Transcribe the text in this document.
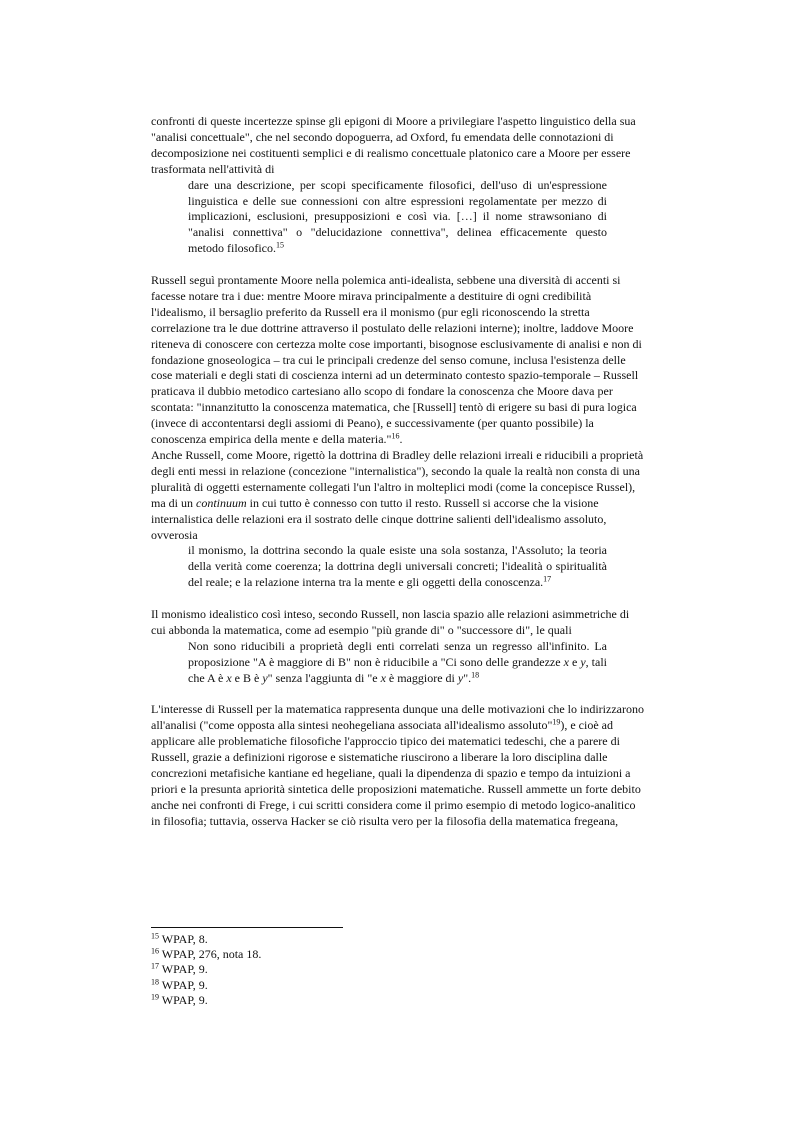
confronti di queste incertezze spinse gli epigoni di Moore a privilegiare l'aspetto linguistico della sua "analisi concettuale", che nel secondo dopoguerra, ad Oxford, fu emendata delle connotazioni di decomposizione nei costituenti semplici e di realismo concettuale platonico care a Moore per essere trasformata nell'attività di

dare una descrizione, per scopi specificamente filosofici, dell'uso di un'espressione linguistica e delle sue connessioni con altre espressioni regolamentate per mezzo di implicazioni, esclusioni, presupposizioni e così via. […] il nome strawsoniano di "analisi connettiva" o "delucidazione connettiva", delinea efficacemente questo metodo filosofico.$^{15}$

Russell seguì prontamente Moore nella polemica anti-idealista, sebbene una diversità di accenti si facesse notare tra i due: mentre Moore mirava principalmente a destituire di ogni credibilità l'idealismo, il bersaglio preferito da Russell era il monismo (pur egli riconoscendo la stretta correlazione tra le due dottrine attraverso il postulato delle relazioni interne); inoltre, laddove Moore riteneva di conoscere con certezza molte cose importanti, bisognose esclusivamente di analisi e non di fondazione gnoseologica – tra cui le principali credenze del senso comune, inclusa l'esistenza delle cose materiali e degli stati di coscienza interni ad un determinato contesto spazio-temporale – Russell praticava il dubbio metodico cartesiano allo scopo di fondare la conoscenza che Moore dava per scontata: "innanzitutto la conoscenza matematica, che [Russell] tentò di erigere su basi di pura logica (invece di accontentarsi degli assiomi di Peano), e successivamente (per quanto possibile) la conoscenza empirica della mente e della materia."$^{16}$.

Anche Russell, come Moore, rigettò la dottrina di Bradley delle relazioni irreali e riducibili a proprietà degli enti messi in relazione (concezione "internalistica"), secondo la quale la realtà non consta di una pluralità di oggetti esternamente collegati l'un l'altro in molteplici modi (come la concepisce Russel), ma di un continuum in cui tutto è connesso con tutto il resto. Russell si accorse che la visione internalistica delle relazioni era il sostrato delle cinque dottrine salienti dell'idealismo assoluto, ovverosia

il monismo, la dottrina secondo la quale esiste una sola sostanza, l'Assoluto; la teoria della verità come coerenza; la dottrina degli universali concreti; l'idealità o spiritualità del reale; e la relazione interna tra la mente e gli oggetti della conoscenza.$^{17}$

Il monismo idealistico così inteso, secondo Russell, non lascia spazio alle relazioni asimmetriche di cui abbonda la matematica, come ad esempio "più grande di" o "successore di", le quali

Non sono riducibili a proprietà degli enti correlati senza un regresso all'infinito. La proposizione "A è maggiore di B" non è riducibile a "Ci sono delle grandezze x e y, tali che A è x e B è y" senza l'aggiunta di "e x è maggiore di y".$^{18}$

L'interesse di Russell per la matematica rappresenta dunque una delle motivazioni che lo indirizzarono all'analisi ("come opposta alla sintesi neohegeliana associata all'idealismo assoluto"$^{19}$), e cioè ad applicare alle problematiche filosofiche l'approccio tipico dei matematici tedeschi, che a parere di Russell, grazie a definizioni rigorose e sistematiche riuscirono a liberare la loro disciplina dalle concrezioni metafisiche kantiane ed hegeliane, quali la dipendenza di spazio e tempo da intuizioni a priori e la presunta apriorità sintetica delle proposizioni matematiche. Russell ammette un forte debito anche nei confronti di Frege, i cui scritti considera come il primo esempio di metodo logico-analitico in filosofia; tuttavia, osserva Hacker se ciò risulta vero per la filosofia della matematica fregeana,

$^{15}$ WPAP, 8.
$^{16}$ WPAP, 276, nota 18.
$^{17}$ WPAP, 9.
$^{18}$ WPAP, 9.
$^{19}$ WPAP, 9.
